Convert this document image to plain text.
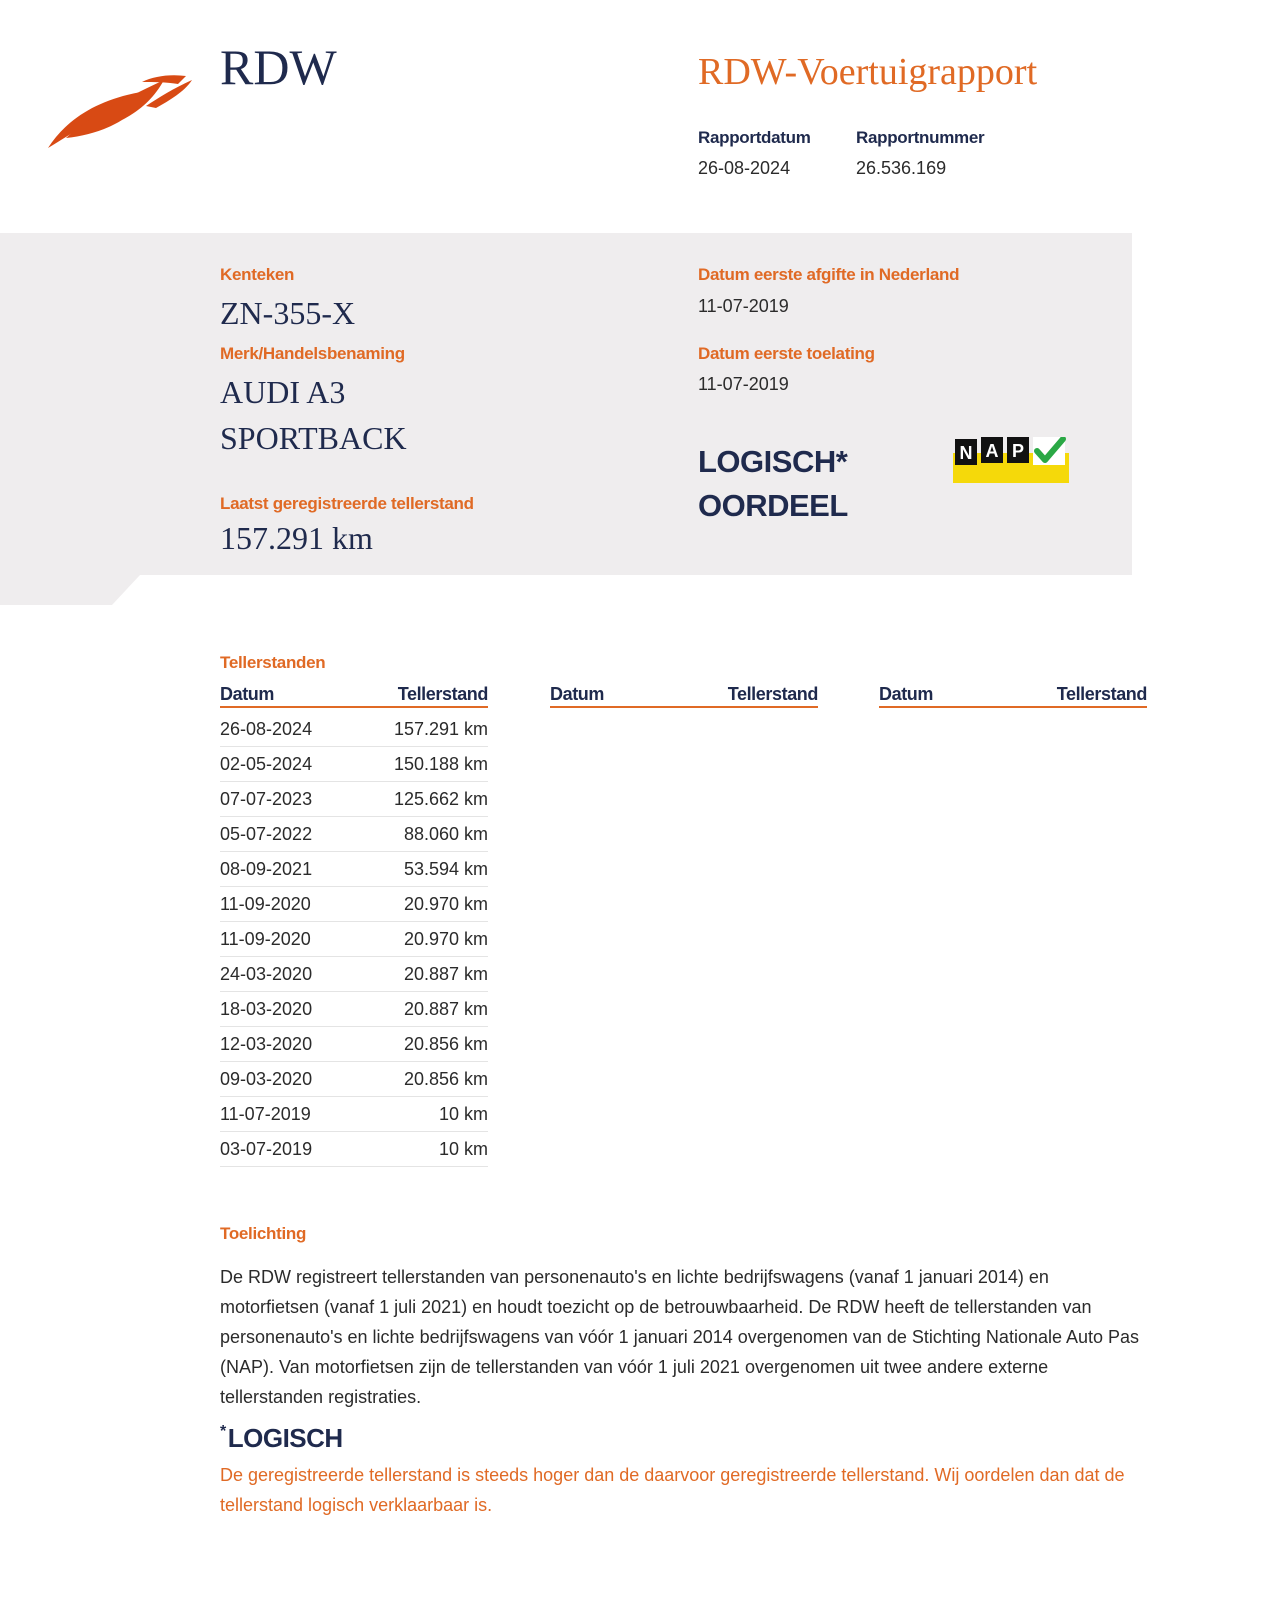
RDW	RDW-Voertuigrapport
Rapportdatum
26-08-2024
Rapportnummer
26.536.169
Kenteken
ZN-355-X
Merk/Handelsbenaming
AUDI A3
SPORTBACK
Laatst geregistreerde tellerstand
157.291 km
Datum eerste afgifte in Nederland
11-07-2019
Datum eerste toelating
11-07-2019
LOGISCH*
OORDEEL
N A P
Tellerstanden
Datum	Tellerstand	Datum	Tellerstand	Datum	Tellerstand
26-08-2024	157.291 km
02-05-2024	150.188 km
07-07-2023	125.662 km
05-07-2022	88.060 km
08-09-2021	53.594 km
11-09-2020	20.970 km
11-09-2020	20.970 km
24-03-2020	20.887 km
18-03-2020	20.887 km
12-03-2020	20.856 km
09-03-2020	20.856 km
11-07-2019	10 km
03-07-2019	10 km
Toelichting
De RDW registreert tellerstanden van personenauto's en lichte bedrijfswagens (vanaf 1 januari 2014) en motorfietsen (vanaf 1 juli 2021) en houdt toezicht op de betrouwbaarheid. De RDW heeft de tellerstanden van personenauto's en lichte bedrijfswagens van vóór 1 januari 2014 overgenomen van de Stichting Nationale Auto Pas (NAP). Van motorfietsen zijn de tellerstanden van vóór 1 juli 2021 overgenomen uit twee andere externe tellerstanden registraties.
*LOGISCH
De geregistreerde tellerstand is steeds hoger dan de daarvoor geregistreerde tellerstand. Wij oordelen dan dat de tellerstand logisch verklaarbaar is.
